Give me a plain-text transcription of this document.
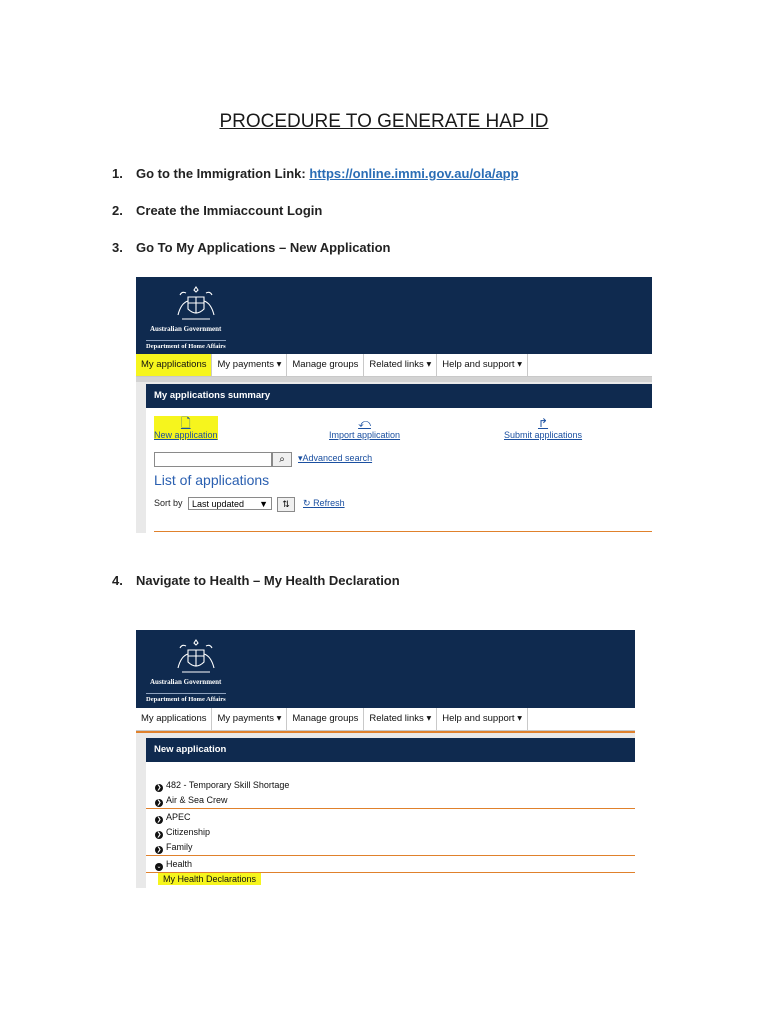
PROCEDURE TO GENERATE HAP ID
1. Go to the Immigration Link: https://online.immi.gov.au/ola/app
2. Create the Immiaccount Login
3. Go To My Applications – New Application
Australian Government
Department of Home Affairs
My applications	My payments ▾	Manage groups	Related links ▾	Help and support ▾
My applications summary
🗋
New application
⤺
Import application
↱
Submit applications
⌕	▾Advanced search
List of applications
Sort by	Last updated ▼	⇅	↻ Refresh
4. Navigate to Health – My Health Declaration
Australian Government
Department of Home Affairs
My applications	My payments ▾	Manage groups	Related links ▾	Help and support ▾
New application
❯ 482 - Temporary Skill Shortage
❯ Air & Sea Crew
❯ APEC
❯ Citizenship
❯ Family
⌄ Health
My Health Declarations
